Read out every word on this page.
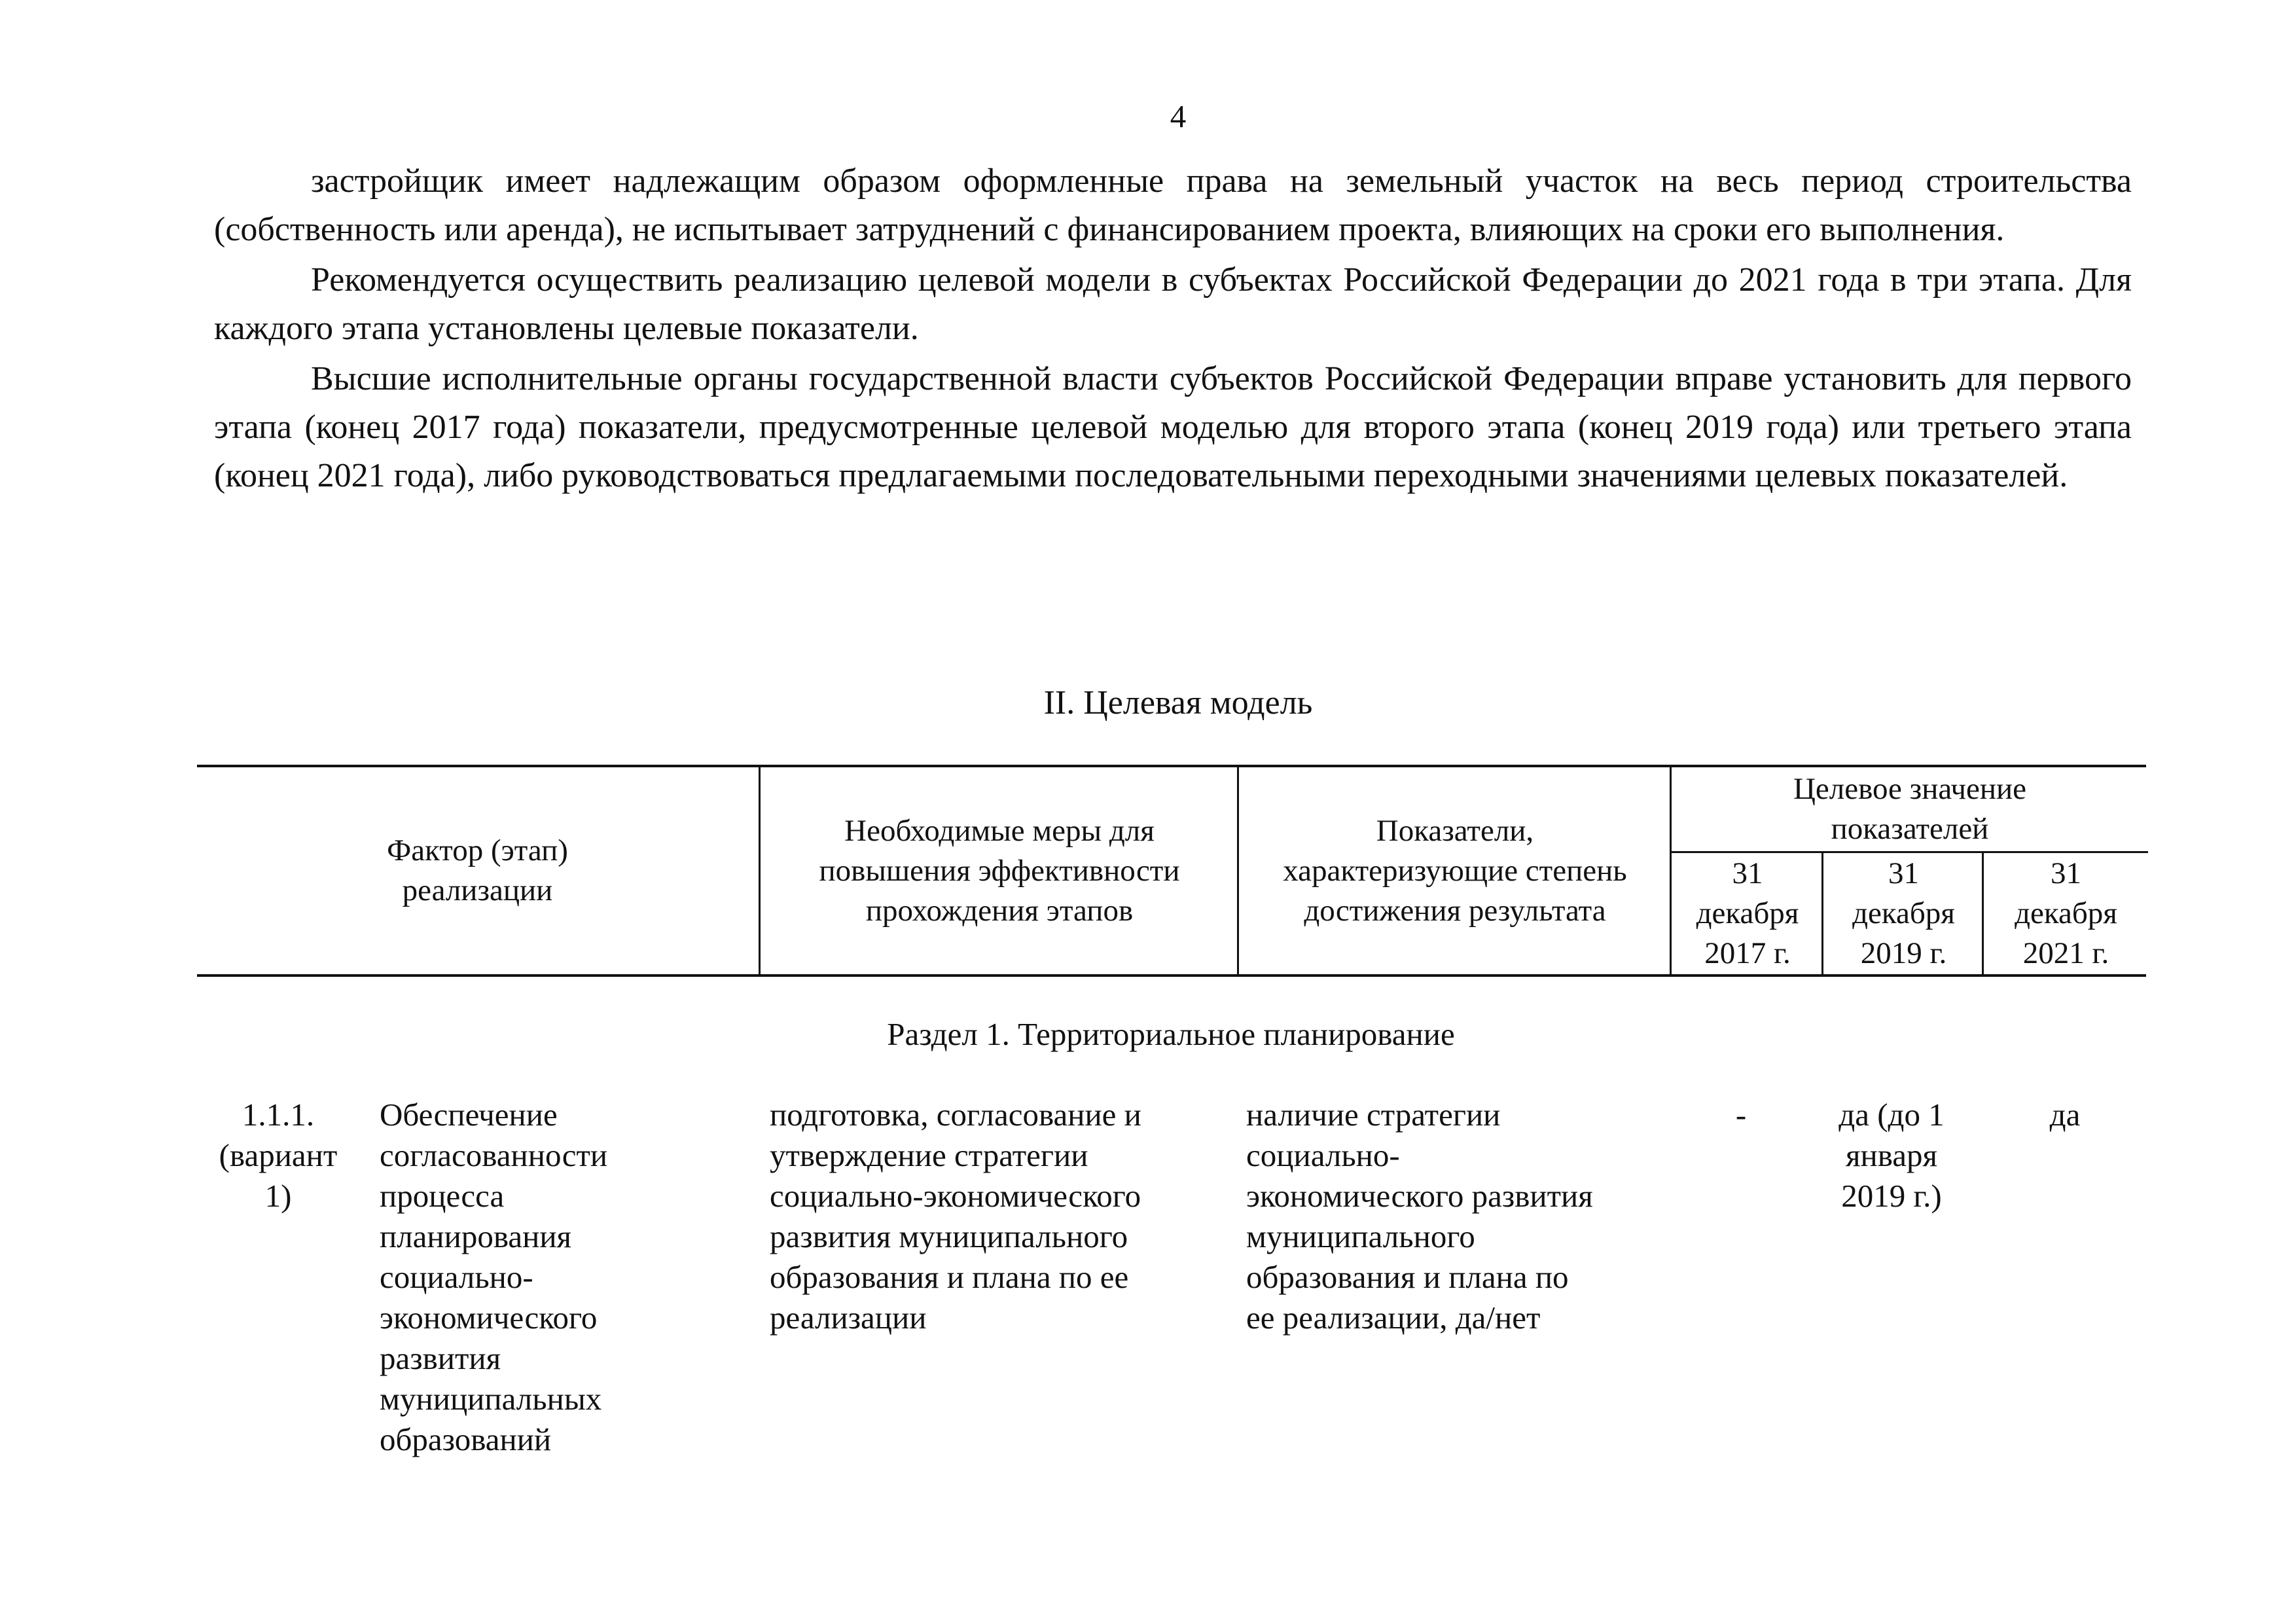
4

застройщик имеет надлежащим образом оформленные права на земельный участок на весь период строительства (собственность или аренда), не испытывает затруднений с финансированием проекта, влияющих на сроки его выполнения.

Рекомендуется осуществить реализацию целевой модели в субъектах Российской Федерации до 2021 года в три этапа. Для каждого этапа установлены целевые показатели.

Высшие исполнительные органы государственной власти субъектов Российской Федерации вправе установить для первого этапа (конец 2017 года) показатели, предусмотренные целевой моделью для второго этапа (конец 2019 года) или третьего этапа (конец 2021 года), либо руководствоваться предлагаемыми последовательными переходными значениями целевых показателей.

II. Целевая модель
Фактор (этап)
реализации
Необходимые меры для
повышения эффективности
прохождения этапов
Показатели,
характеризующие степень
достижения результата
Целевое значение
показателей
31
декабря
2017 г.
31
декабря
2019 г.
31
декабря
2021 г.
Раздел 1. Территориальное планирование
1.1.1.
(вариант
1)
Обеспечение
согласованности
процесса
планирования
социально-
экономического
развития
муниципальных
образований
подготовка, согласование и
утверждение стратегии
социально-экономического
развития муниципального
образования и плана по ее
реализации
наличие стратегии
социально-
экономического развития
муниципального
образования и плана по
ее реализации, да/нет
-	да (до 1
января
2019 г.)
да
